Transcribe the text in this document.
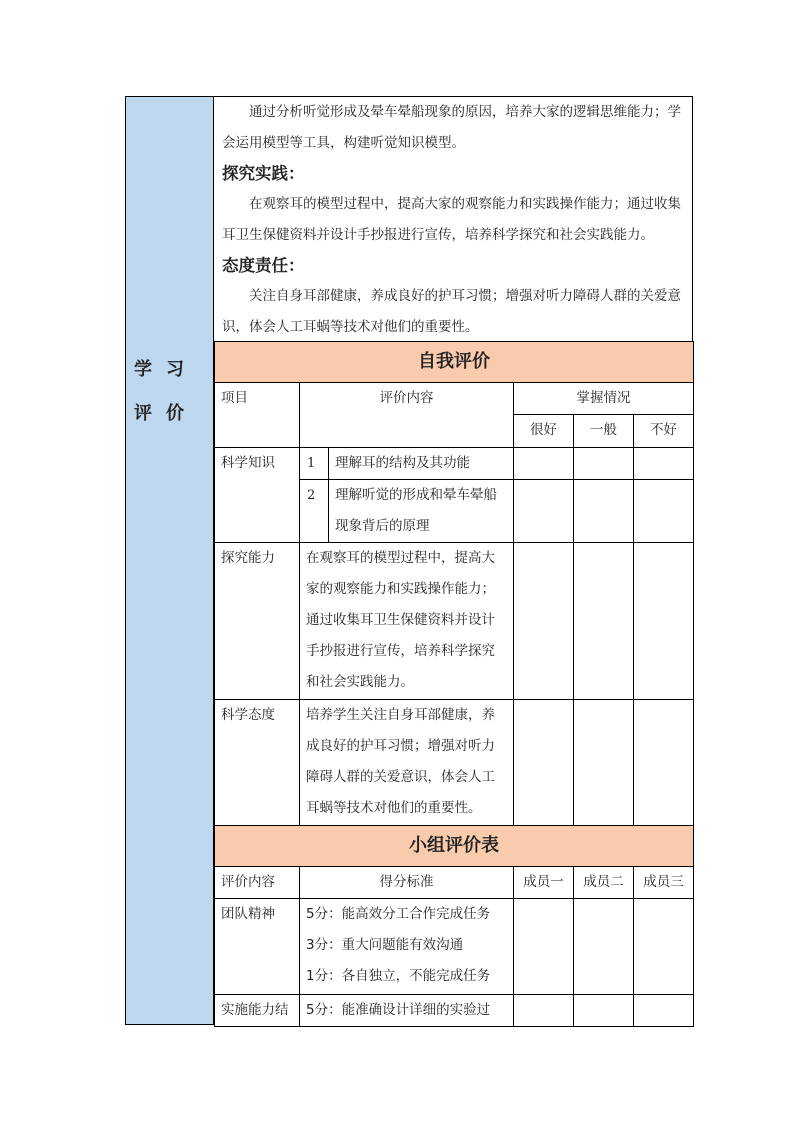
学习评价

通过分析听觉形成及晕车晕船现象的原因，培养大家的逻辑思维能力；学会运用模型等工具，构建听觉知识模型。

探究实践：

在观察耳的模型过程中，提高大家的观察能力和实践操作能力；通过收集耳卫生保健资料并设计手抄报进行宣传，培养科学探究和社会实践能力。

态度责任：

关注自身耳部健康，养成良好的护耳习惯；增强对听力障碍人群的关爱意识，体会人工耳蜗等技术对他们的重要性。

自我评价					
项目	评价内容		掌握情况		
			很好	一般	不好
科学知识	1	理解耳的结构及其功能			
	2	理解听觉的形成和晕车晕船现象背后的原理			
探究能力	在观察耳的模型过程中，提高大家的观察能力和实践操作能力；通过收集耳卫生保健资料并设计手抄报进行宣传，培养科学探究和社会实践能力。				
科学态度	培养学生关注自身耳部健康，养成良好的护耳习惯；增强对听力障碍人群的关爱意识，体会人工耳蜗等技术对他们的重要性。				
小组评价表					
评价内容	得分标准		成员一	成员二	成员三
团队精神	5分：能高效分工合作完成任务
3分：重大问题能有效沟通
1分：各自独立，不能完成任务				

实施能力结	5分：能准确设计详细的实验过				
